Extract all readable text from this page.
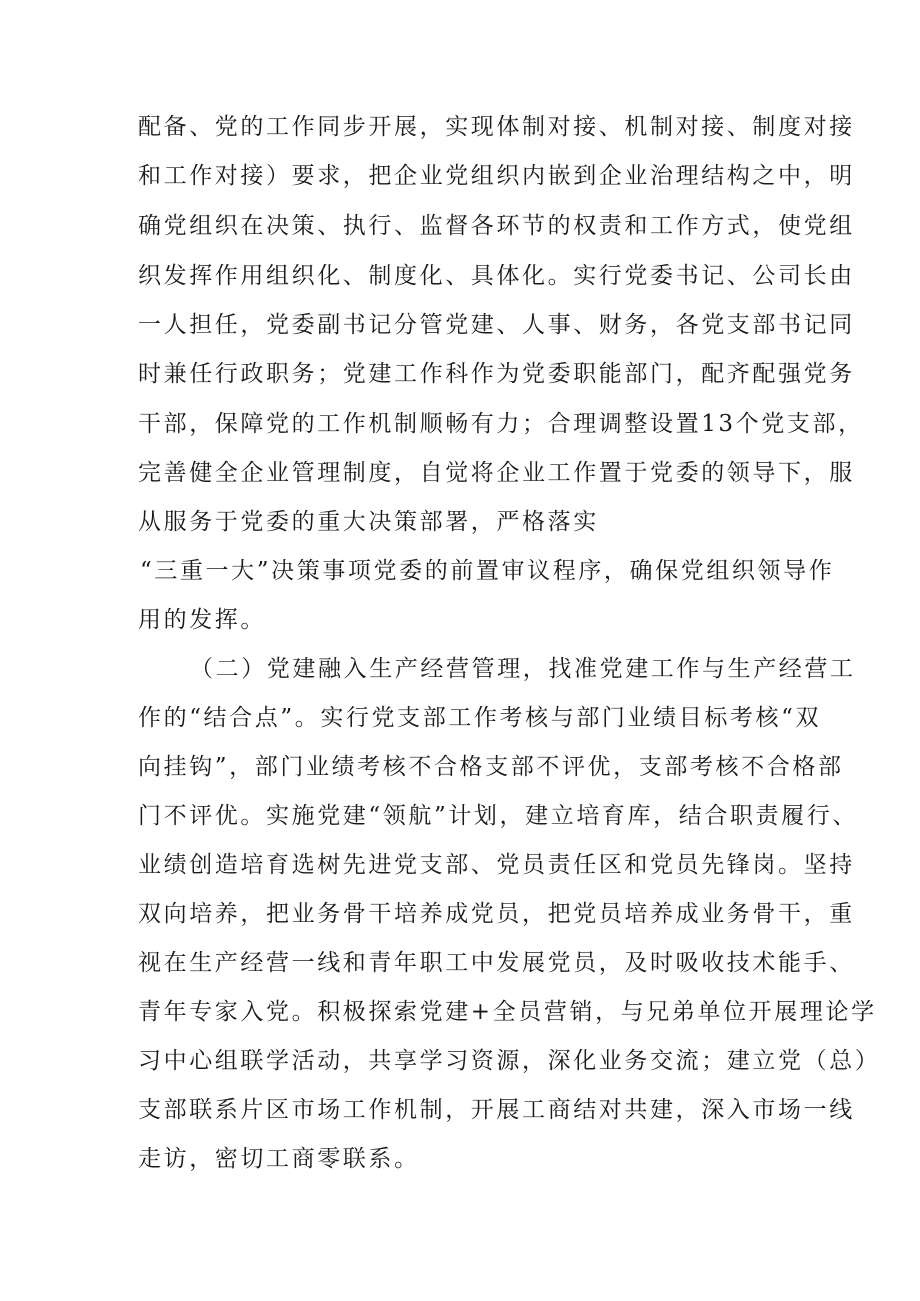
配备、党的工作同步开展，实现体制对接、机制对接、制度对接
和工作对接）要求，把企业党组织内嵌到企业治理结构之中，明
确党组织在决策、执行、监督各环节的权责和工作方式，使党组
织发挥作用组织化、制度化、具体化。实行党委书记、公司长由
一人担任，党委副书记分管党建、人事、财务，各党支部书记同
时兼任行政职务；党建工作科作为党委职能部门，配齐配强党务
干部，保障党的工作机制顺畅有力；合理调整设置13个党支部，
完善健全企业管理制度，自觉将企业工作置于党委的领导下，服
从服务于党委的重大决策部署，严格落实
“三重一大”决策事项党委的前置审议程序，确保党组织领导作
用的发挥。
（二）党建融入生产经营管理，找准党建工作与生产经营工
作的“结合点”。实行党支部工作考核与部门业绩目标考核“双
向挂钩”，部门业绩考核不合格支部不评优，支部考核不合格部
门不评优。实施党建“领航”计划，建立培育库，结合职责履行、
业绩创造培育选树先进党支部、党员责任区和党员先锋岗。坚持
双向培养，把业务骨干培养成党员，把党员培养成业务骨干，重
视在生产经营一线和青年职工中发展党员，及时吸收技术能手、
青年专家入党。积极探索党建+全员营销，与兄弟单位开展理论学
习中心组联学活动，共享学习资源，深化业务交流；建立党（总）
支部联系片区市场工作机制，开展工商结对共建，深入市场一线
走访，密切工商零联系。
